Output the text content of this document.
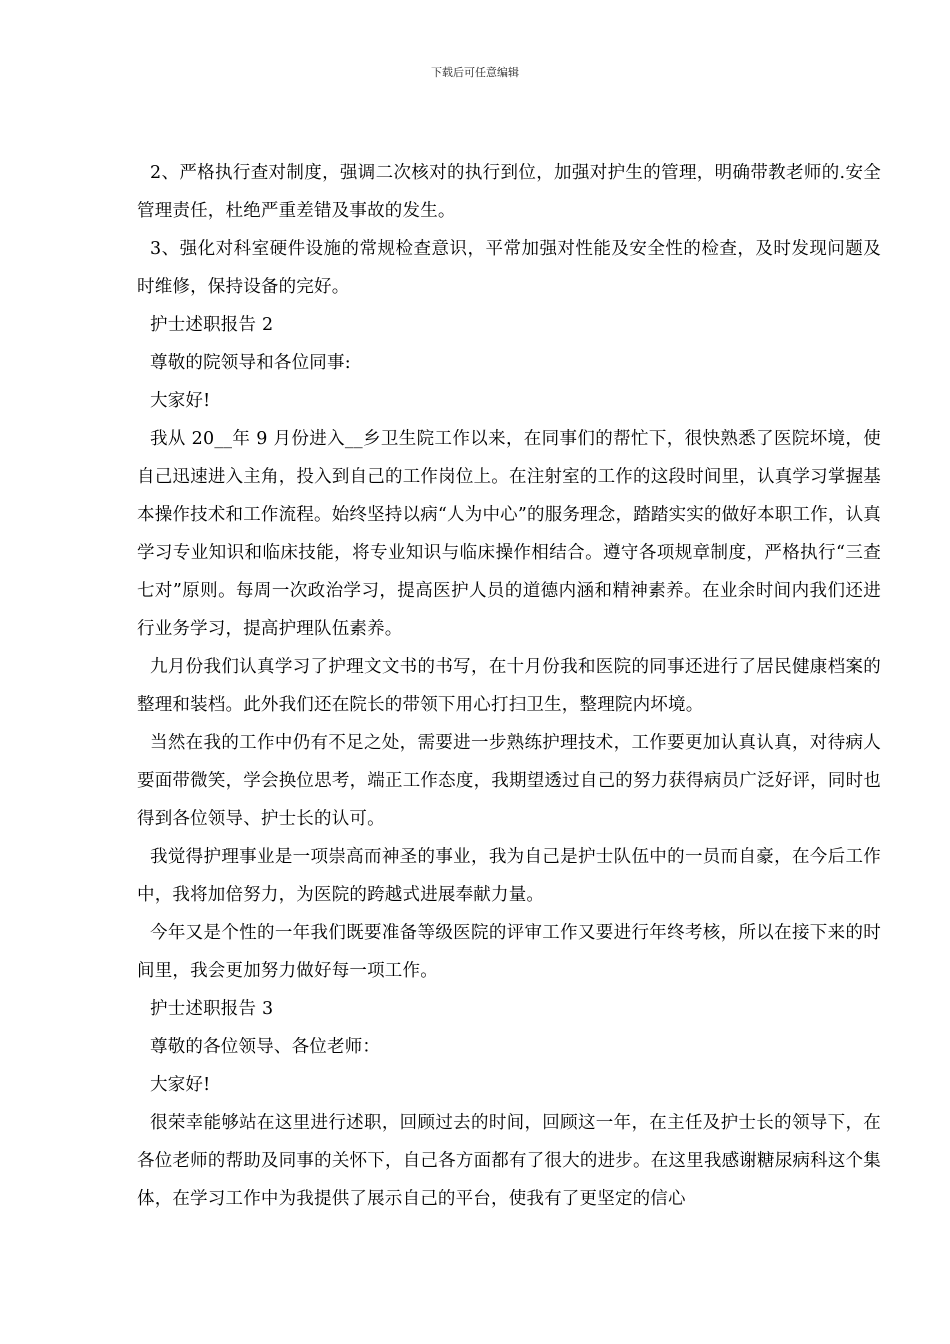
下载后可任意编辑

2、严格执行查对制度，强调二次核对的执行到位，加强对护生的管理，明确带教老师的.安全管理责任，杜绝严重差错及事故的发生。

3、强化对科室硬件设施的常规检查意识，平常加强对性能及安全性的检查，及时发现问题及时维修，保持设备的完好。

护士述职报告 2

尊敬的院领导和各位同事:

大家好!

我从 20__年 9 月份进入__乡卫生院工作以来，在同事们的帮忙下，很快熟悉了医院坏境，使自己迅速进入主角，投入到自己的工作岗位上。在注射室的工作的这段时间里，认真学习掌握基本操作技术和工作流程。始终坚持以病“人为中心”的服务理念，踏踏实实的做好本职工作，认真学习专业知识和临床技能，将专业知识与临床操作相结合。遵守各项规章制度，严格执行“三查七对”原则。每周一次政治学习，提高医护人员的道德内涵和精神素养。在业余时间内我们还进行业务学习，提高护理队伍素养。

九月份我们认真学习了护理文文书的书写，在十月份我和医院的同事还进行了居民健康档案的整理和装档。此外我们还在院长的带领下用心打扫卫生，整理院内坏境。

当然在我的工作中仍有不足之处，需要进一步熟练护理技术，工作要更加认真认真，对待病人要面带微笑，学会换位思考，端正工作态度，我期望透过自己的努力获得病员广泛好评，同时也得到各位领导、护士长的认可。

我觉得护理事业是一项崇高而神圣的事业，我为自己是护士队伍中的一员而自豪，在今后工作中，我将加倍努力，为医院的跨越式进展奉献力量。

今年又是个性的一年我们既要准备等级医院的评审工作又要进行年终考核，所以在接下来的时间里，我会更加努力做好每一项工作。

护士述职报告 3

尊敬的各位领导、各位老师：

大家好!

很荣幸能够站在这里进行述职，回顾过去的时间，回顾这一年，在主任及护士长的领导下，在各位老师的帮助及同事的关怀下，自己各方面都有了很大的进步。在这里我感谢糖尿病科这个集体，在学习工作中为我提供了展示自己的平台，使我有了更坚定的信心
